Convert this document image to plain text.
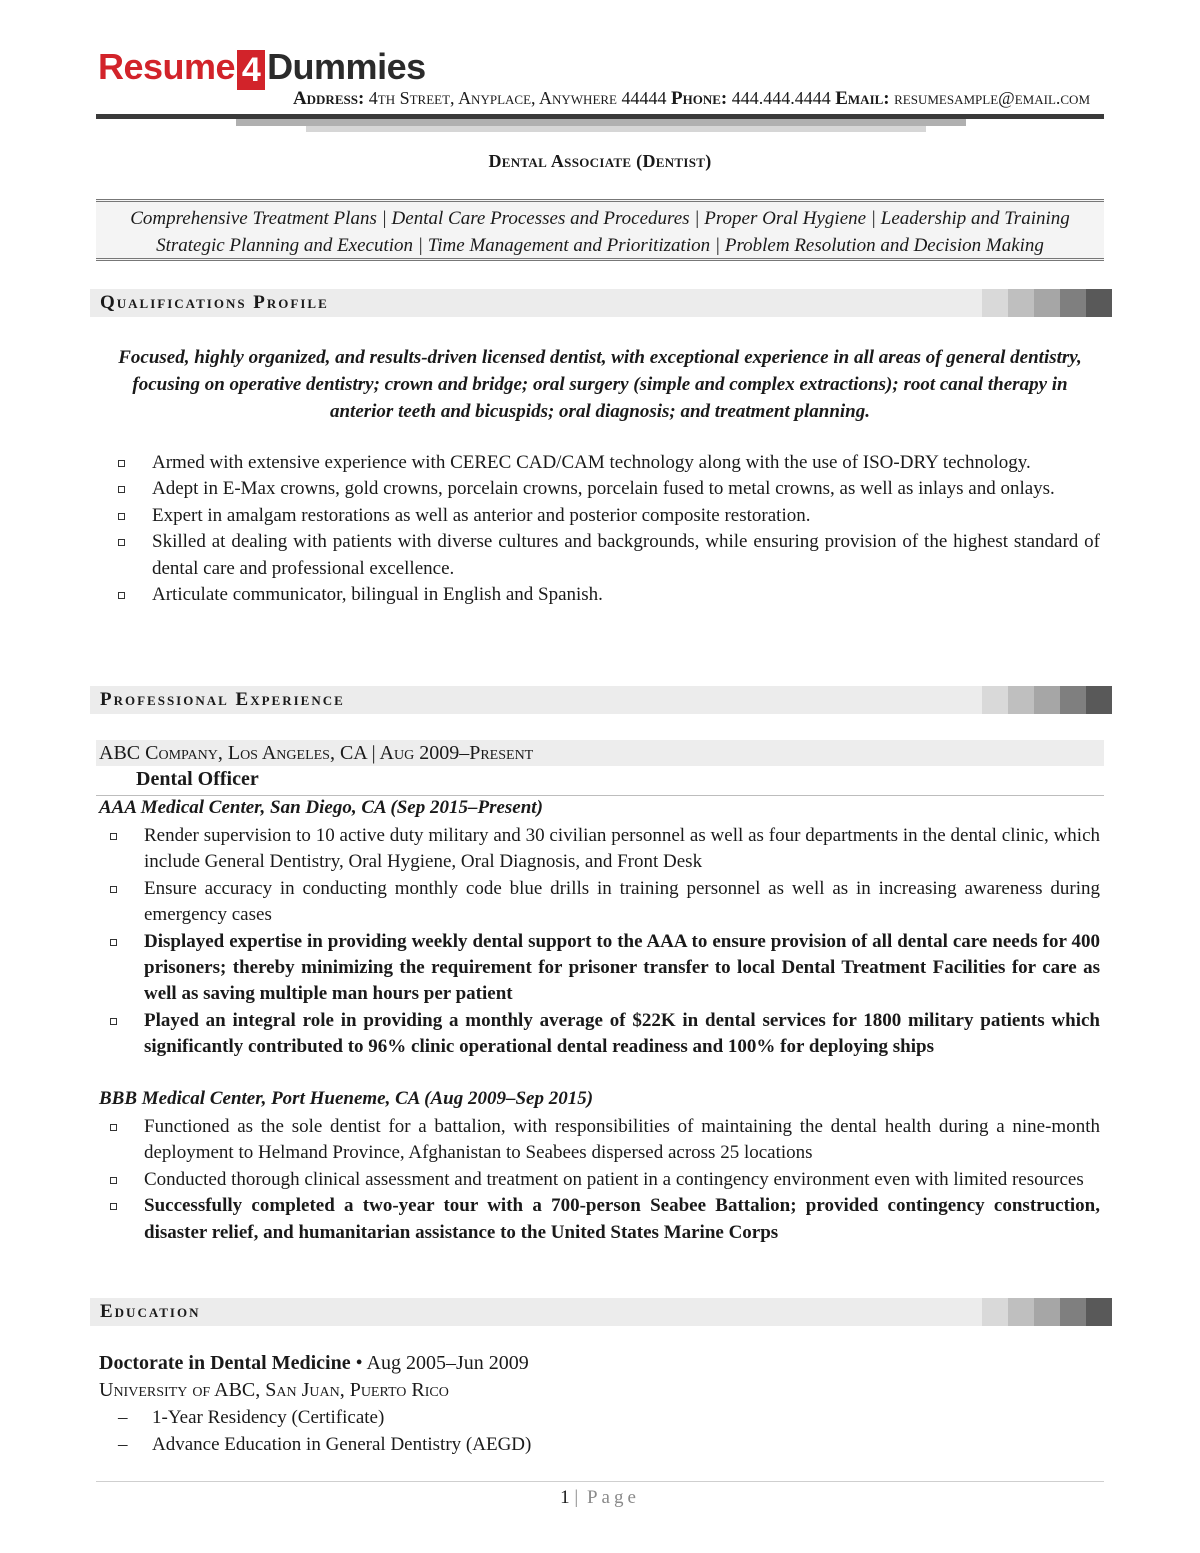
Resume 4 Dummies
Address: 4th Street, Anyplace, Anywhere 44444 Phone: 444.444.4444 Email: resumesample@email.com
Dental Associate (Dentist)
Comprehensive Treatment Plans | Dental Care Processes and Procedures | Proper Oral Hygiene | Leadership and Training
Strategic Planning and Execution | Time Management and Prioritization | Problem Resolution and Decision Making
Qualifications Profile
Focused, highly organized, and results-driven licensed dentist, with exceptional experience in all areas of general dentistry, focusing on operative dentistry; crown and bridge; oral surgery (simple and complex extractions); root canal therapy in anterior teeth and bicuspids; oral diagnosis; and treatment planning.
Armed with extensive experience with CEREC CAD/CAM technology along with the use of ISO-DRY technology.
Adept in E-Max crowns, gold crowns, porcelain crowns, porcelain fused to metal crowns, as well as inlays and onlays.
Expert in amalgam restorations as well as anterior and posterior composite restoration.
Skilled at dealing with patients with diverse cultures and backgrounds, while ensuring provision of the highest standard of dental care and professional excellence.
Articulate communicator, bilingual in English and Spanish.
Professional Experience
ABC Company, Los Angeles, CA | Aug 2009–Present
Dental Officer
AAA Medical Center, San Diego, CA (Sep 2015–Present)
Render supervision to 10 active duty military and 30 civilian personnel as well as four departments in the dental clinic, which include General Dentistry, Oral Hygiene, Oral Diagnosis, and Front Desk
Ensure accuracy in conducting monthly code blue drills in training personnel as well as in increasing awareness during emergency cases
Displayed expertise in providing weekly dental support to the AAA to ensure provision of all dental care needs for 400 prisoners; thereby minimizing the requirement for prisoner transfer to local Dental Treatment Facilities for care as well as saving multiple man hours per patient
Played an integral role in providing a monthly average of $22K in dental services for 1800 military patients which significantly contributed to 96% clinic operational dental readiness and 100% for deploying ships
BBB Medical Center, Port Hueneme, CA (Aug 2009–Sep 2015)
Functioned as the sole dentist for a battalion, with responsibilities of maintaining the dental health during a nine-month deployment to Helmand Province, Afghanistan to Seabees dispersed across 25 locations
Conducted thorough clinical assessment and treatment on patient in a contingency environment even with limited resources
Successfully completed a two-year tour with a 700-person Seabee Battalion; provided contingency construction, disaster relief, and humanitarian assistance to the United States Marine Corps
Education
Doctorate in Dental Medicine • Aug 2005–Jun 2009
University of ABC, San Juan, Puerto Rico
– 1-Year Residency (Certificate)
– Advance Education in General Dentistry (AEGD)
1 | Page
